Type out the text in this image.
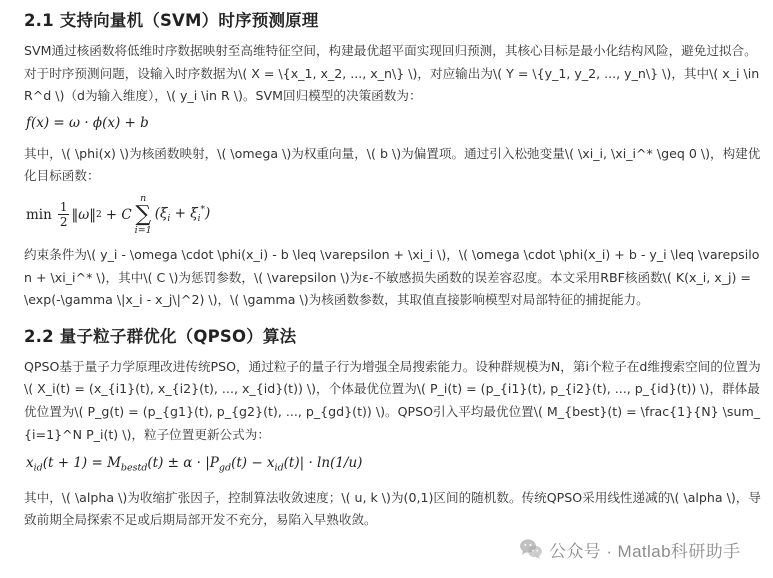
2.1 支持向量机（SVM）时序预测原理

SVM通过核函数将低维时序数据映射至高维特征空间，构建最优超平面实现回归预测，其核心目标是最小化结构风险，避免过拟合。对于时序预测问题，设输入时序数据为\( X = \{x_1, x_2, ..., x_n\} \)，对应输出为\( Y = \{y_1, y_2, ..., y_n\} \)，其中\( x_i \in R^d \)（d为输入维度），\( y_i \in R \)。SVM回归模型的决策函数为：

f(x) = ω · ϕ(x) + b

其中，\( \phi(x) \)为核函数映射，\( \omega \)为权重向量，\( b \)为偏置项。通过引入松弛变量\( \xi_i, \xi_i^* \geq 0 \)，构建优化目标函数：

$\min \frac{1}{2}$ ‖ω‖ 2 + C
n
∑
i=1
$(\xi_i + \xi_i^*)$

约束条件为\( y_i - \omega \cdot \phi(x_i) - b \leq \varepsilon + \xi_i \)，\( \omega \cdot \phi(x_i) + b - y_i \leq \varepsilon + \xi_i^* \)，其中\( C \)为惩罚参数，\( \varepsilon \)为ε-不敏感损失函数的误差容忍度。本文采用RBF核函数\( K(x_i, x_j) = \exp(-\gamma \|x_i - x_j\|^2) \)，\( \gamma \)为核函数参数，其取值直接影响模型对局部特征的捕捉能力。

2.2 量子粒子群优化（QPSO）算法

QPSO基于量子力学原理改进传统PSO，通过粒子的量子行为增强全局搜索能力。设种群规模为N，第i个粒子在d维搜索空间的位置为\( X_i(t) = (x_{i1}(t), x_{i2}(t), ..., x_{id}(t)) \)，个体最优位置为\( P_i(t) = (p_{i1}(t), p_{i2}(t), ..., p_{id}(t)) \)，群体最优位置为\( P_g(t) = (p_{g1}(t), p_{g2}(t), ..., p_{gd}(t)) \)。QPSO引入平均最优位置\( M_{best}(t) = \frac{1}{N} \sum_{i=1}^N P_i(t) \)，粒子位置更新公式为：

$x_{id}(t + 1) = M_{bestd}(t) \pm \alpha \cdot |P_{gd}(t) - x_{id}(t)| \cdot \ln(1/u)$

其中，\( \alpha \)为收缩扩张因子，控制算法收敛速度；\( u, k \)为(0,1)区间的随机数。传统QPSO采用线性递减的\( \alpha \)，导致前期全局探索不足或后期局部开发不充分，易陷入早熟收敛。

公众号 · Matlab科研助手
